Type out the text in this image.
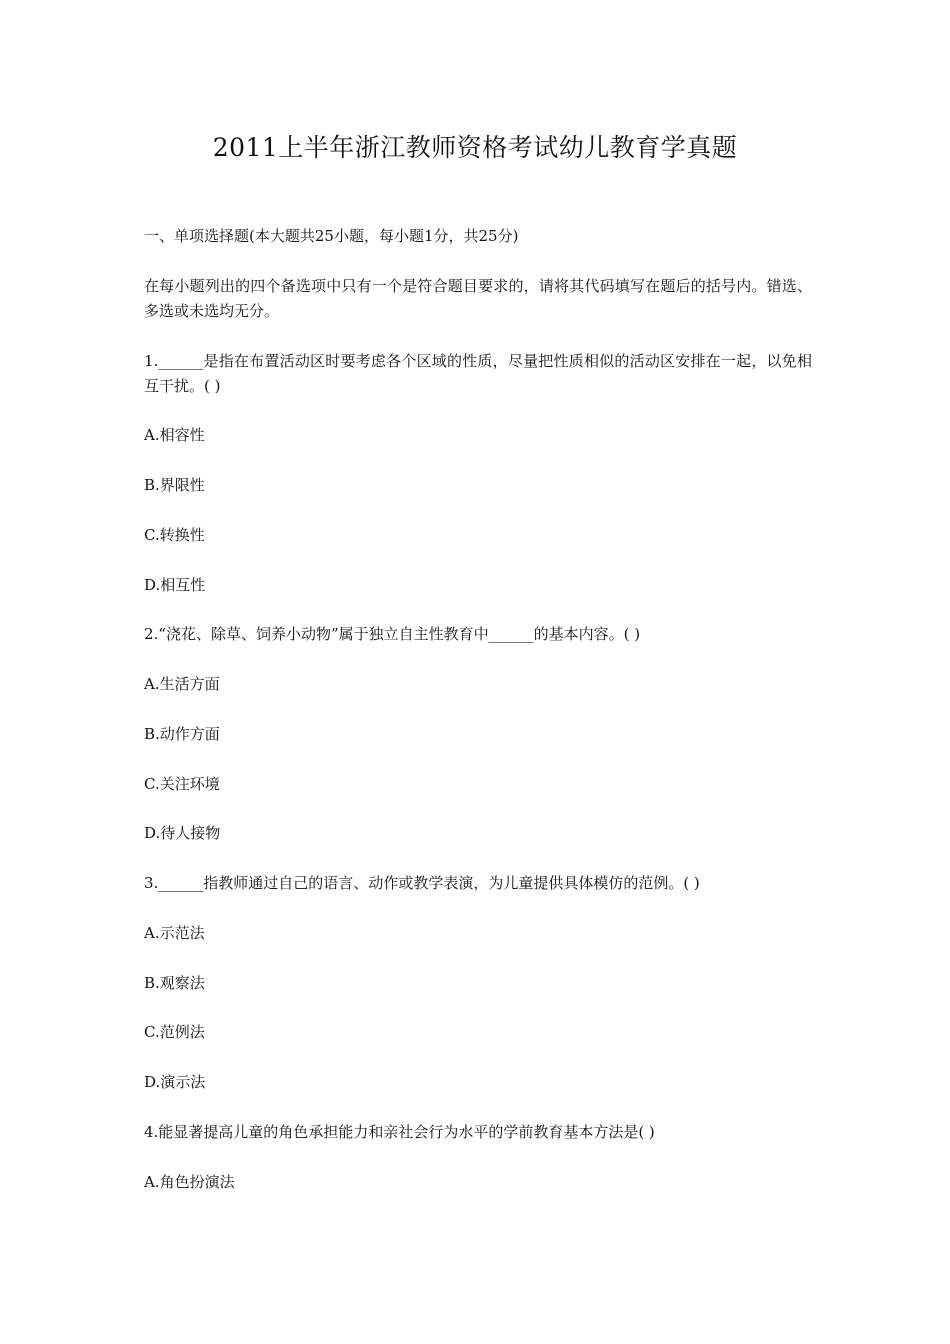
2011上半年浙江教师资格考试幼儿教育学真题

一、单项选择题(本大题共25小题，每小题1分，共25分)

在每小题列出的四个备选项中只有一个是符合题目要求的，请将其代码填写在题后的括号内。错选、多选或未选均无分。

1.______是指在布置活动区时要考虑各个区域的性质，尽量把性质相似的活动区安排在一起，以免相互干扰。( )

A.相容性

B.界限性

C.转换性

D.相互性

2.“浇花、除草、饲养小动物”属于独立自主性教育中______的基本内容。( )

A.生活方面

B.动作方面

C.关注环境

D.待人接物

3.______指教师通过自己的语言、动作或教学表演，为儿童提供具体模仿的范例。( )

A.示范法

B.观察法

C.范例法

D.演示法

4.能显著提高儿童的角色承担能力和亲社会行为水平的学前教育基本方法是( )

A.角色扮演法
